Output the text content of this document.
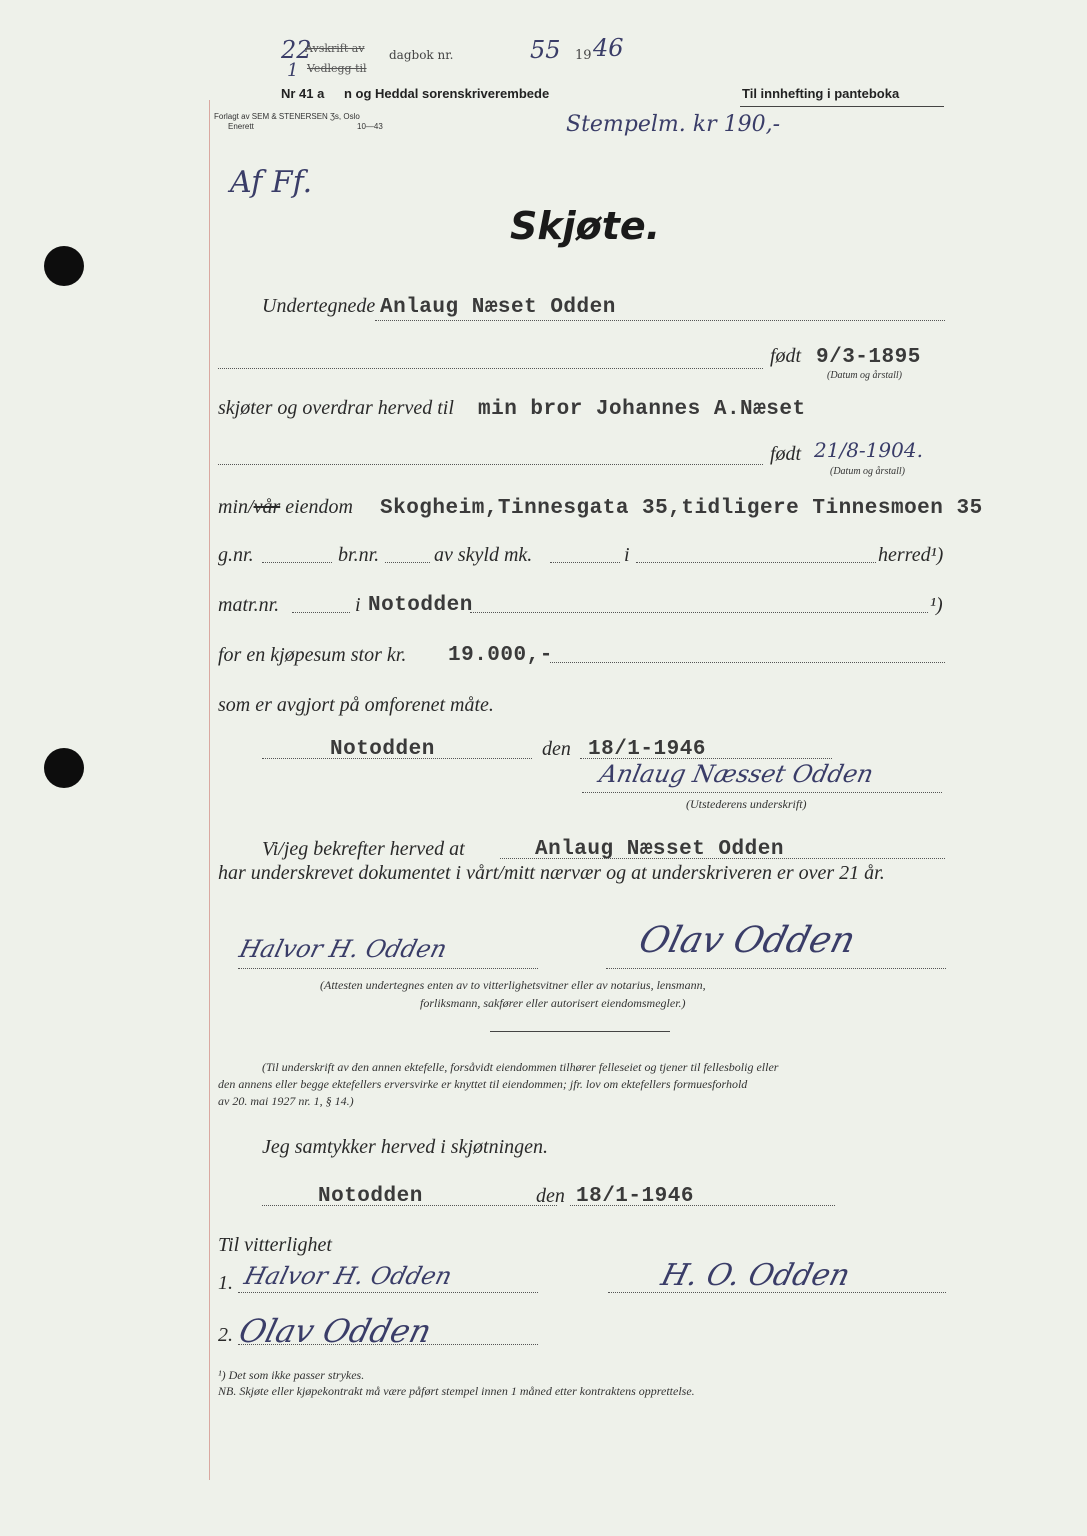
22
1
Avskrift av
Vedlegg til
dagbok nr.	55 19 46
Nr 41 a n og Heddal sorenskriverembede
Forlagt av SEM & STENERSEN Ʒs, Oslo
Enerett	10—43	Stempelm. kr 190,-
Til innhefting i panteboka
Af Ff.
Skjøte.
Undertegnede Anlaug Næset Odden
født 9/3-1895
(Datum og årstall)
skjøter og overdrar herved til min bror Johannes A.Næset
født 21/8-1904.
(Datum og årstall)
min/vår eiendom Skogheim,Tinnesgata 35,tidligere Tinnesmoen 35
g.nr.	br.nr.	av skyld mk.	i	herred¹)
matr.nr.	i Notodden	¹)
for en kjøpesum stor kr. 19.000,-
som er avgjort på omforenet måte.
Notodden	den 18/1-1946
Anlaug Næsset Odden
(Utstederens underskrift)
Vi/jeg bekrefter herved at	Anlaug Næsset Odden
har underskrevet dokumentet i vårt/mitt nærvær og at underskriveren er over 21 år.
Halvor H. Odden	Olav Odden
(Attesten undertegnes enten av to vitterlighetsvitner eller av notarius, lensmann,
forliksmann, sakfører eller autorisert eiendomsmegler.)
(Til underskrift av den annen ektefelle, forsåvidt eiendommen tilhører felleseiet og tjener til fellesbolig eller
den annens eller begge ektefellers erversvirke er knyttet til eiendommen; jfr. lov om ektefellers formuesforhold
av 20. mai 1927 nr. 1, § 14.)
Jeg samtykker herved i skjøtningen.
Notodden	den 18/1-1946
Til vitterlighet
1. Halvor H. Odden	H. O. Odden
2. Olav Odden
¹) Det som ikke passer strykes.
NB. Skjøte eller kjøpekontrakt må være påført stempel innen 1 måned etter kontraktens opprettelse.
